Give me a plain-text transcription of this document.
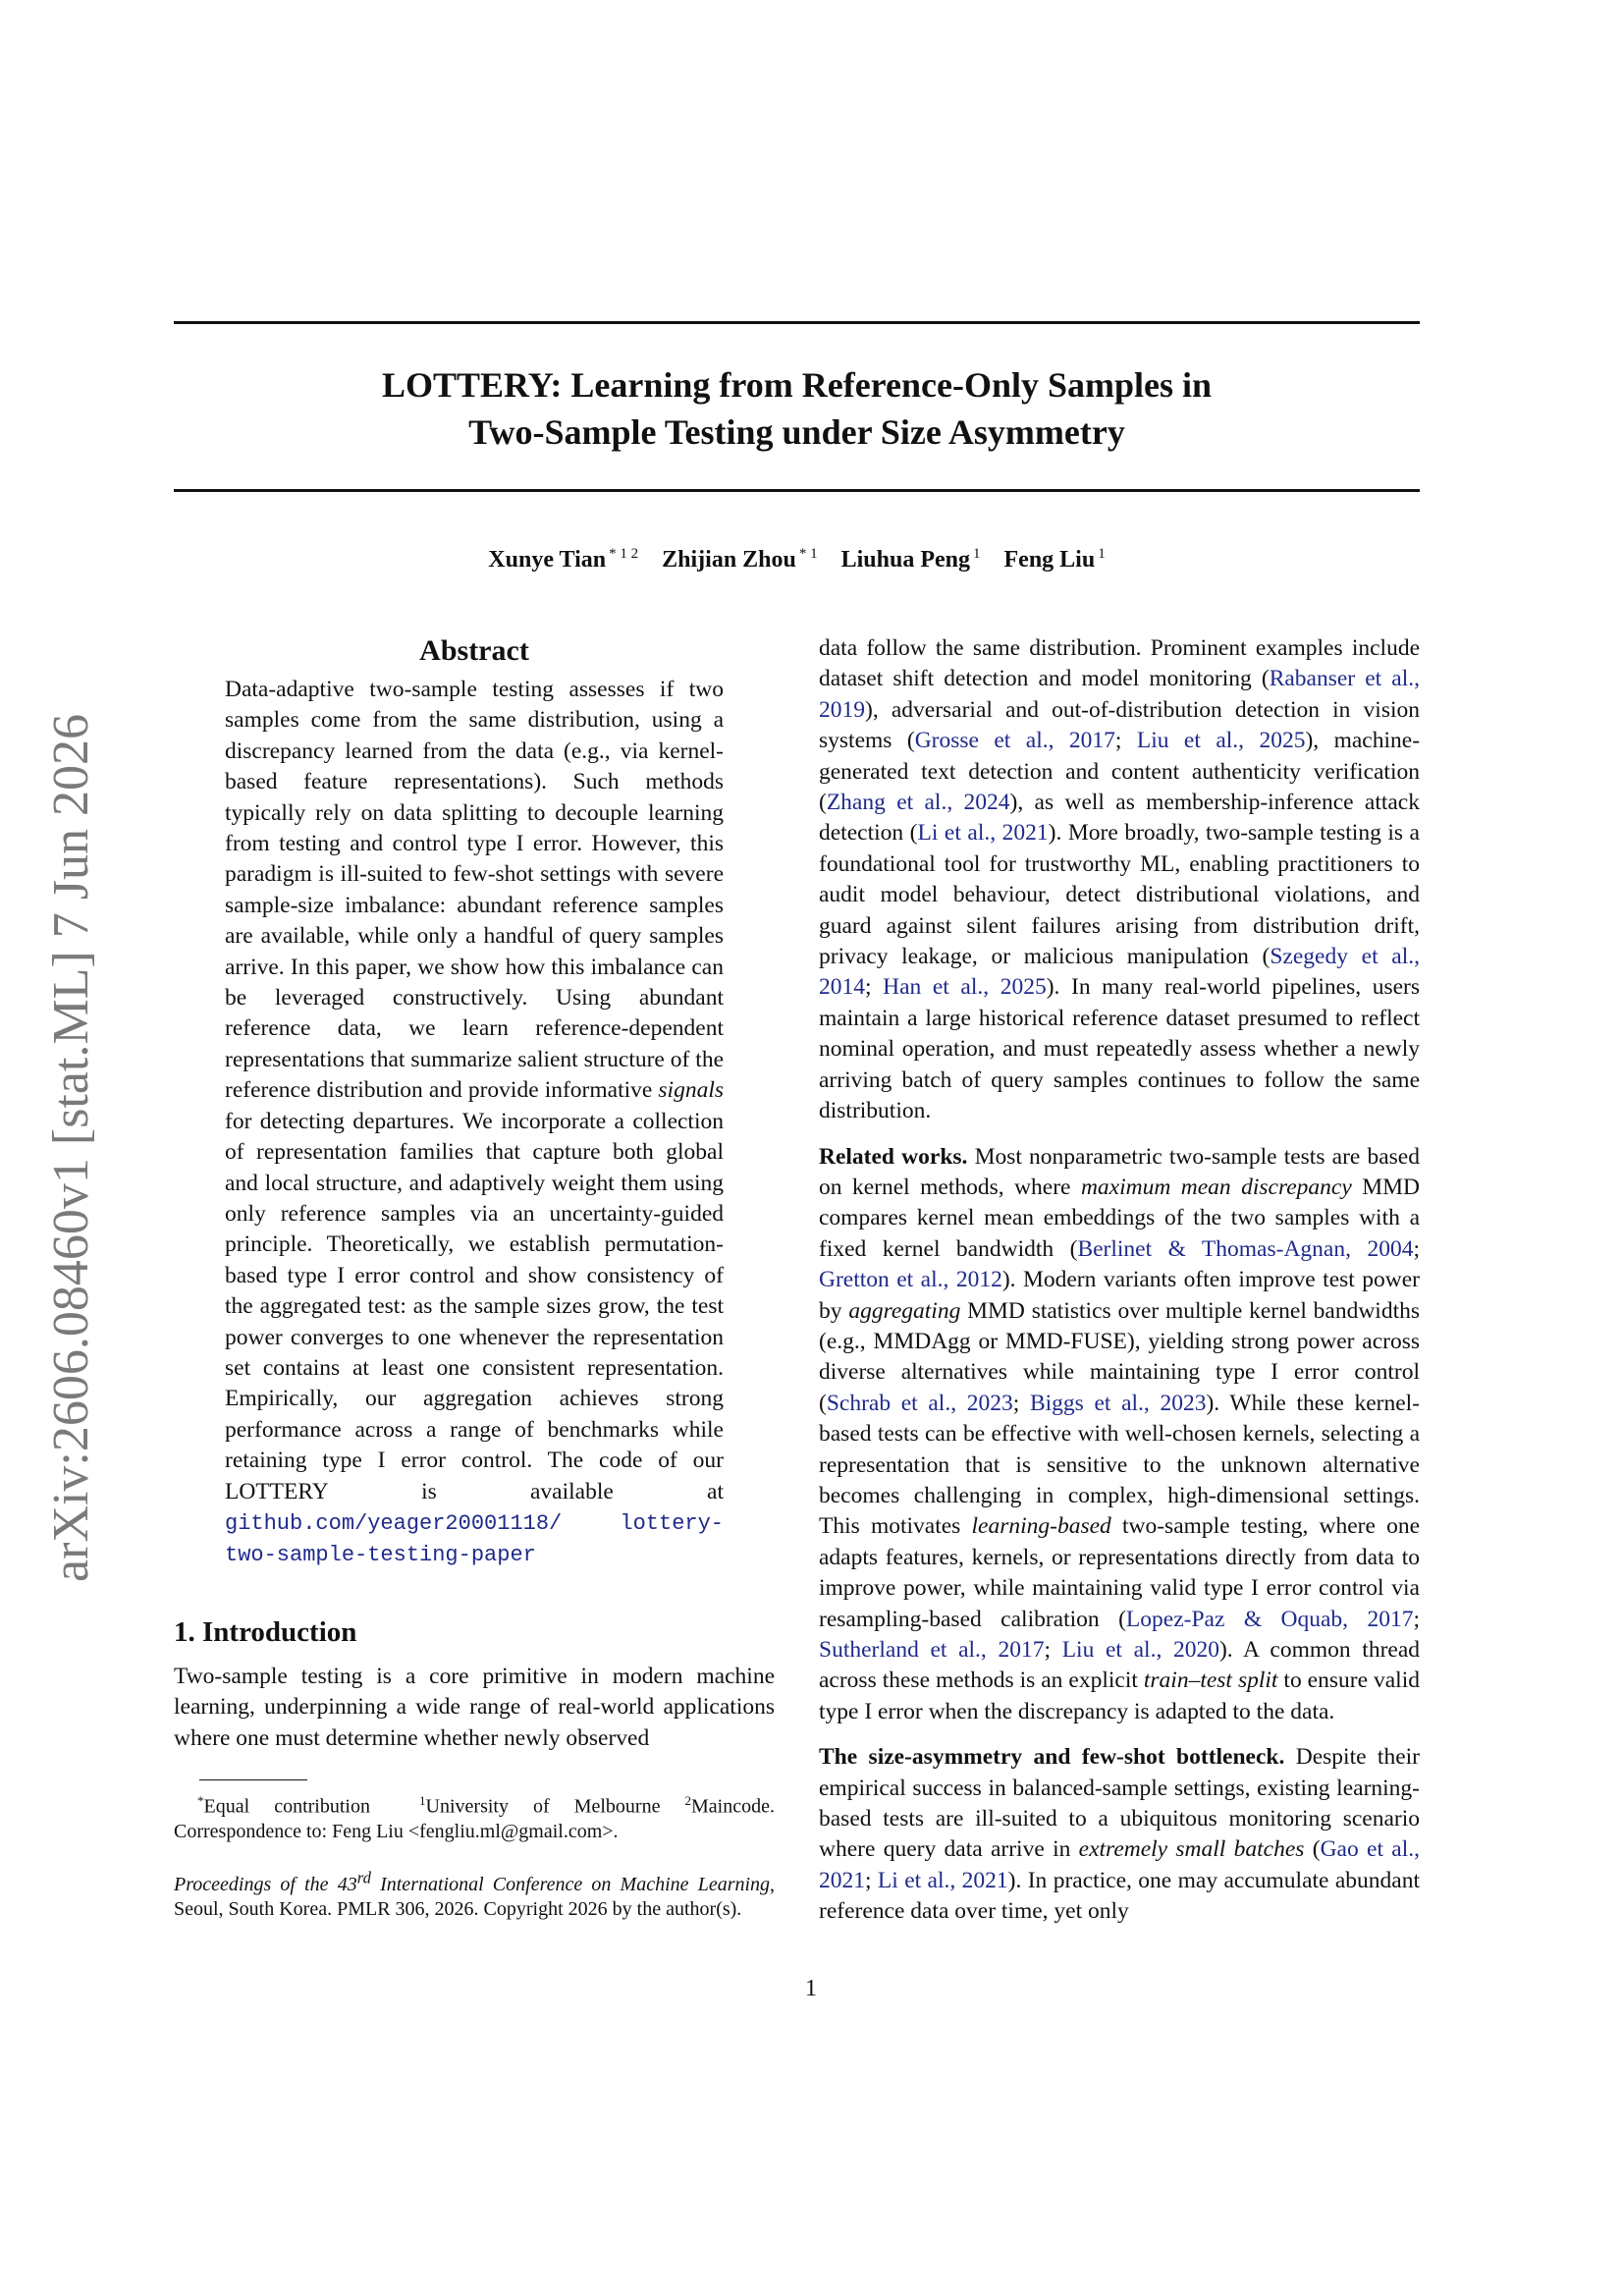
LOTTERY: Learning from Reference-Only Samples in
Two-Sample Testing under Size Asymmetry
Xunye Tian $^{* 1 2}$ Zhijian Zhou $^{* 1}$ Liuhua Peng $^1$ Feng Liu $^1$
arXiv:2606.08460v1 [stat.ML] 7 Jun 2026
Abstract

Data-adaptive two-sample testing assesses if two samples come from the same distribution, using a discrepancy learned from the data (e.g., via kernel-based feature representations). Such methods typically rely on data splitting to decouple learning from testing and control type I error. However, this paradigm is ill-suited to few-shot settings with severe sample-size imbalance: abundant reference samples are available, while only a handful of query samples arrive. In this paper, we show how this imbalance can be leveraged constructively. Using abundant reference data, we learn reference-dependent representations that summarize salient structure of the reference distribution and provide informative signals for detecting departures. We incorporate a collection of representation families that capture both global and local structure, and adaptively weight them using only reference samples via an uncertainty-guided principle. Theoretically, we establish permutation-based type I error control and show consistency of the aggregated test: as the sample sizes grow, the test power converges to one whenever the representation set contains at least one consistent representation. Empirically, our aggregation achieves strong performance across a range of benchmarks while retaining type I error control. The code of our LOTTERY is available at github.com/yeager20001118/ lottery-two-sample-testing-paper

1. Introduction

Two-sample testing is a core primitive in modern machine learning, underpinning a wide range of real-world applications where one must determine whether newly observed

*Equal contribution	$^1$University of Melbourne $^2$Maincode. Correspondence to: Feng Liu <fengliu.ml@gmail.com>.

Proceedings of the 43rd International Conference on Machine Learning, Seoul, South Korea. PMLR 306, 2026. Copyright 2026 by the author(s).

data follow the same distribution. Prominent examples include dataset shift detection and model monitoring (Rabanser et al., 2019), adversarial and out-of-distribution detection in vision systems (Grosse et al., 2017; Liu et al., 2025), machine-generated text detection and content authenticity verification (Zhang et al., 2024), as well as membership-inference attack detection (Li et al., 2021). More broadly, two-sample testing is a foundational tool for trustworthy ML, enabling practitioners to audit model behaviour, detect distributional violations, and guard against silent failures arising from distribution drift, privacy leakage, or malicious manipulation (Szegedy et al., 2014; Han et al., 2025). In many real-world pipelines, users maintain a large historical reference dataset presumed to reflect nominal operation, and must repeatedly assess whether a newly arriving batch of query samples continues to follow the same distribution.

Related works. Most nonparametric two-sample tests are based on kernel methods, where maximum mean discrepancy MMD compares kernel mean embeddings of the two samples with a fixed kernel bandwidth (Berlinet & Thomas-Agnan, 2004; Gretton et al., 2012). Modern variants often improve test power by aggregating MMD statistics over multiple kernel bandwidths (e.g., MMDAgg or MMD-FUSE), yielding strong power across diverse alternatives while maintaining type I error control (Schrab et al., 2023; Biggs et al., 2023). While these kernel-based tests can be effective with well-chosen kernels, selecting a representation that is sensitive to the unknown alternative becomes challenging in complex, high-dimensional settings. This motivates learning-based two-sample testing, where one adapts features, kernels, or representations directly from data to improve power, while maintaining valid type I error control via resampling-based calibration (Lopez-Paz & Oquab, 2017; Sutherland et al., 2017; Liu et al., 2020). A common thread across these methods is an explicit train–test split to ensure valid type I error when the discrepancy is adapted to the data.

The size-asymmetry and few-shot bottleneck. Despite their empirical success in balanced-sample settings, existing learning-based tests are ill-suited to a ubiquitous monitoring scenario where query data arrive in extremely small batches (Gao et al., 2021; Li et al., 2021). In practice, one may accumulate abundant reference data over time, yet only

1
